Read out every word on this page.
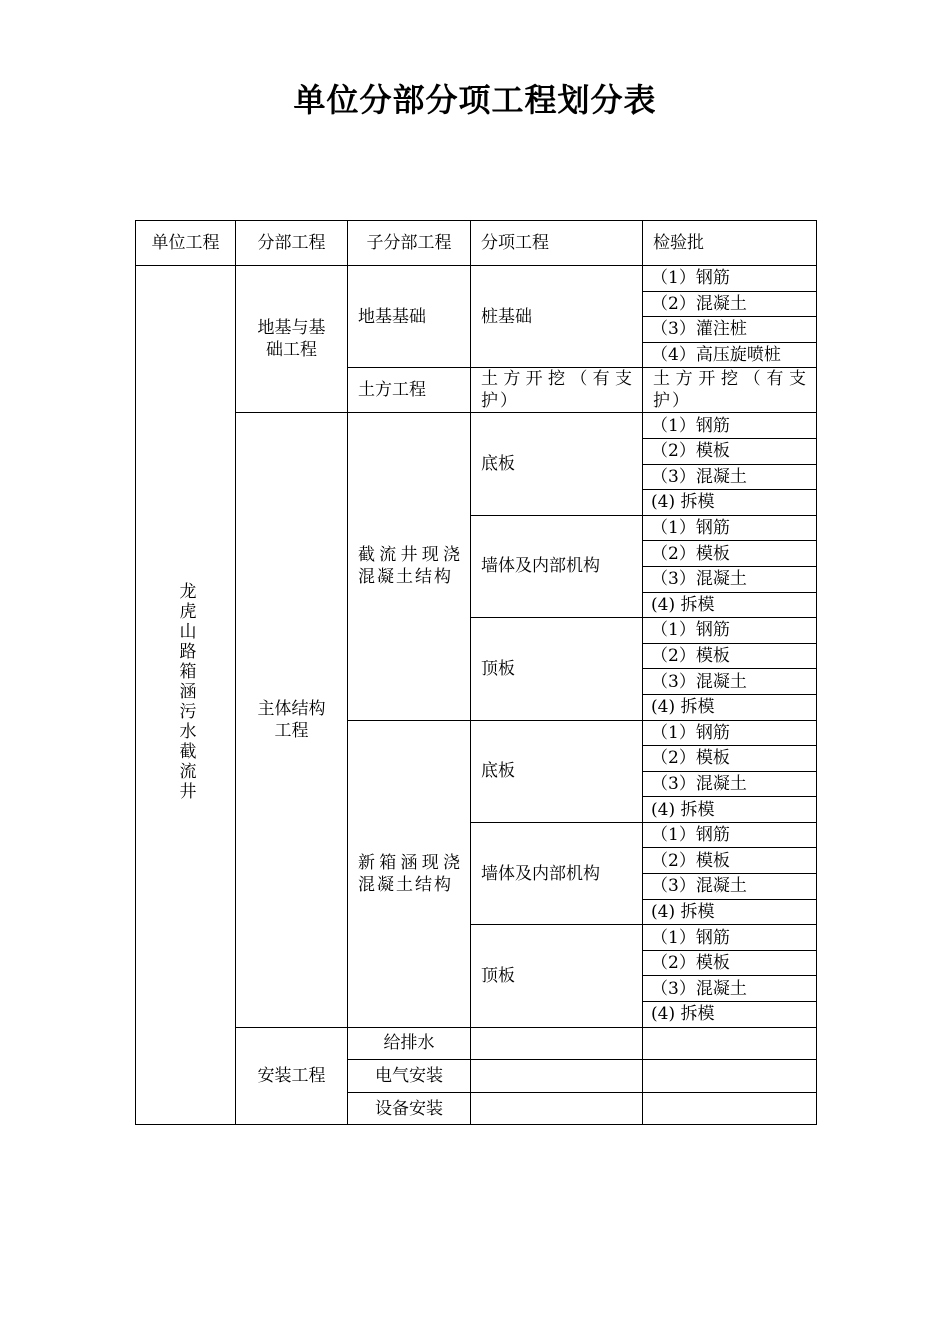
单位分部分项工程划分表
单位工程	分部工程	子分部工程	分项工程	检验批
龙虎山路箱涵污水截流井	地基与基础工程	地基基础	桩基础	（1）钢筋
				（2）混凝土
				（3）灌注桩
				（4）高压旋喷桩
		土方工程	土方开挖（有支护）	土方开挖（有支护）

	主体结构工程	截流井现浇混凝土结构	底板	（1）钢筋
				（2）模板
				（3）混凝土
				(4) 拆模
			墙体及内部机构	（1）钢筋
				（2）模板
				（3）混凝土
				(4) 拆模
			顶板	（1）钢筋
				（2）模板
				（3）混凝土
				(4) 拆模
		新箱涵现浇混凝土结构	底板	（1）钢筋
				（2）模板
				（3）混凝土
				(4) 拆模
			墙体及内部机构	（1）钢筋
				（2）模板
				（3）混凝土
				(4) 拆模
			顶板	（1）钢筋
				（2）模板
				（3）混凝土
				(4) 拆模
	安装工程	给排水		
		电气安装		
		设备安装		
